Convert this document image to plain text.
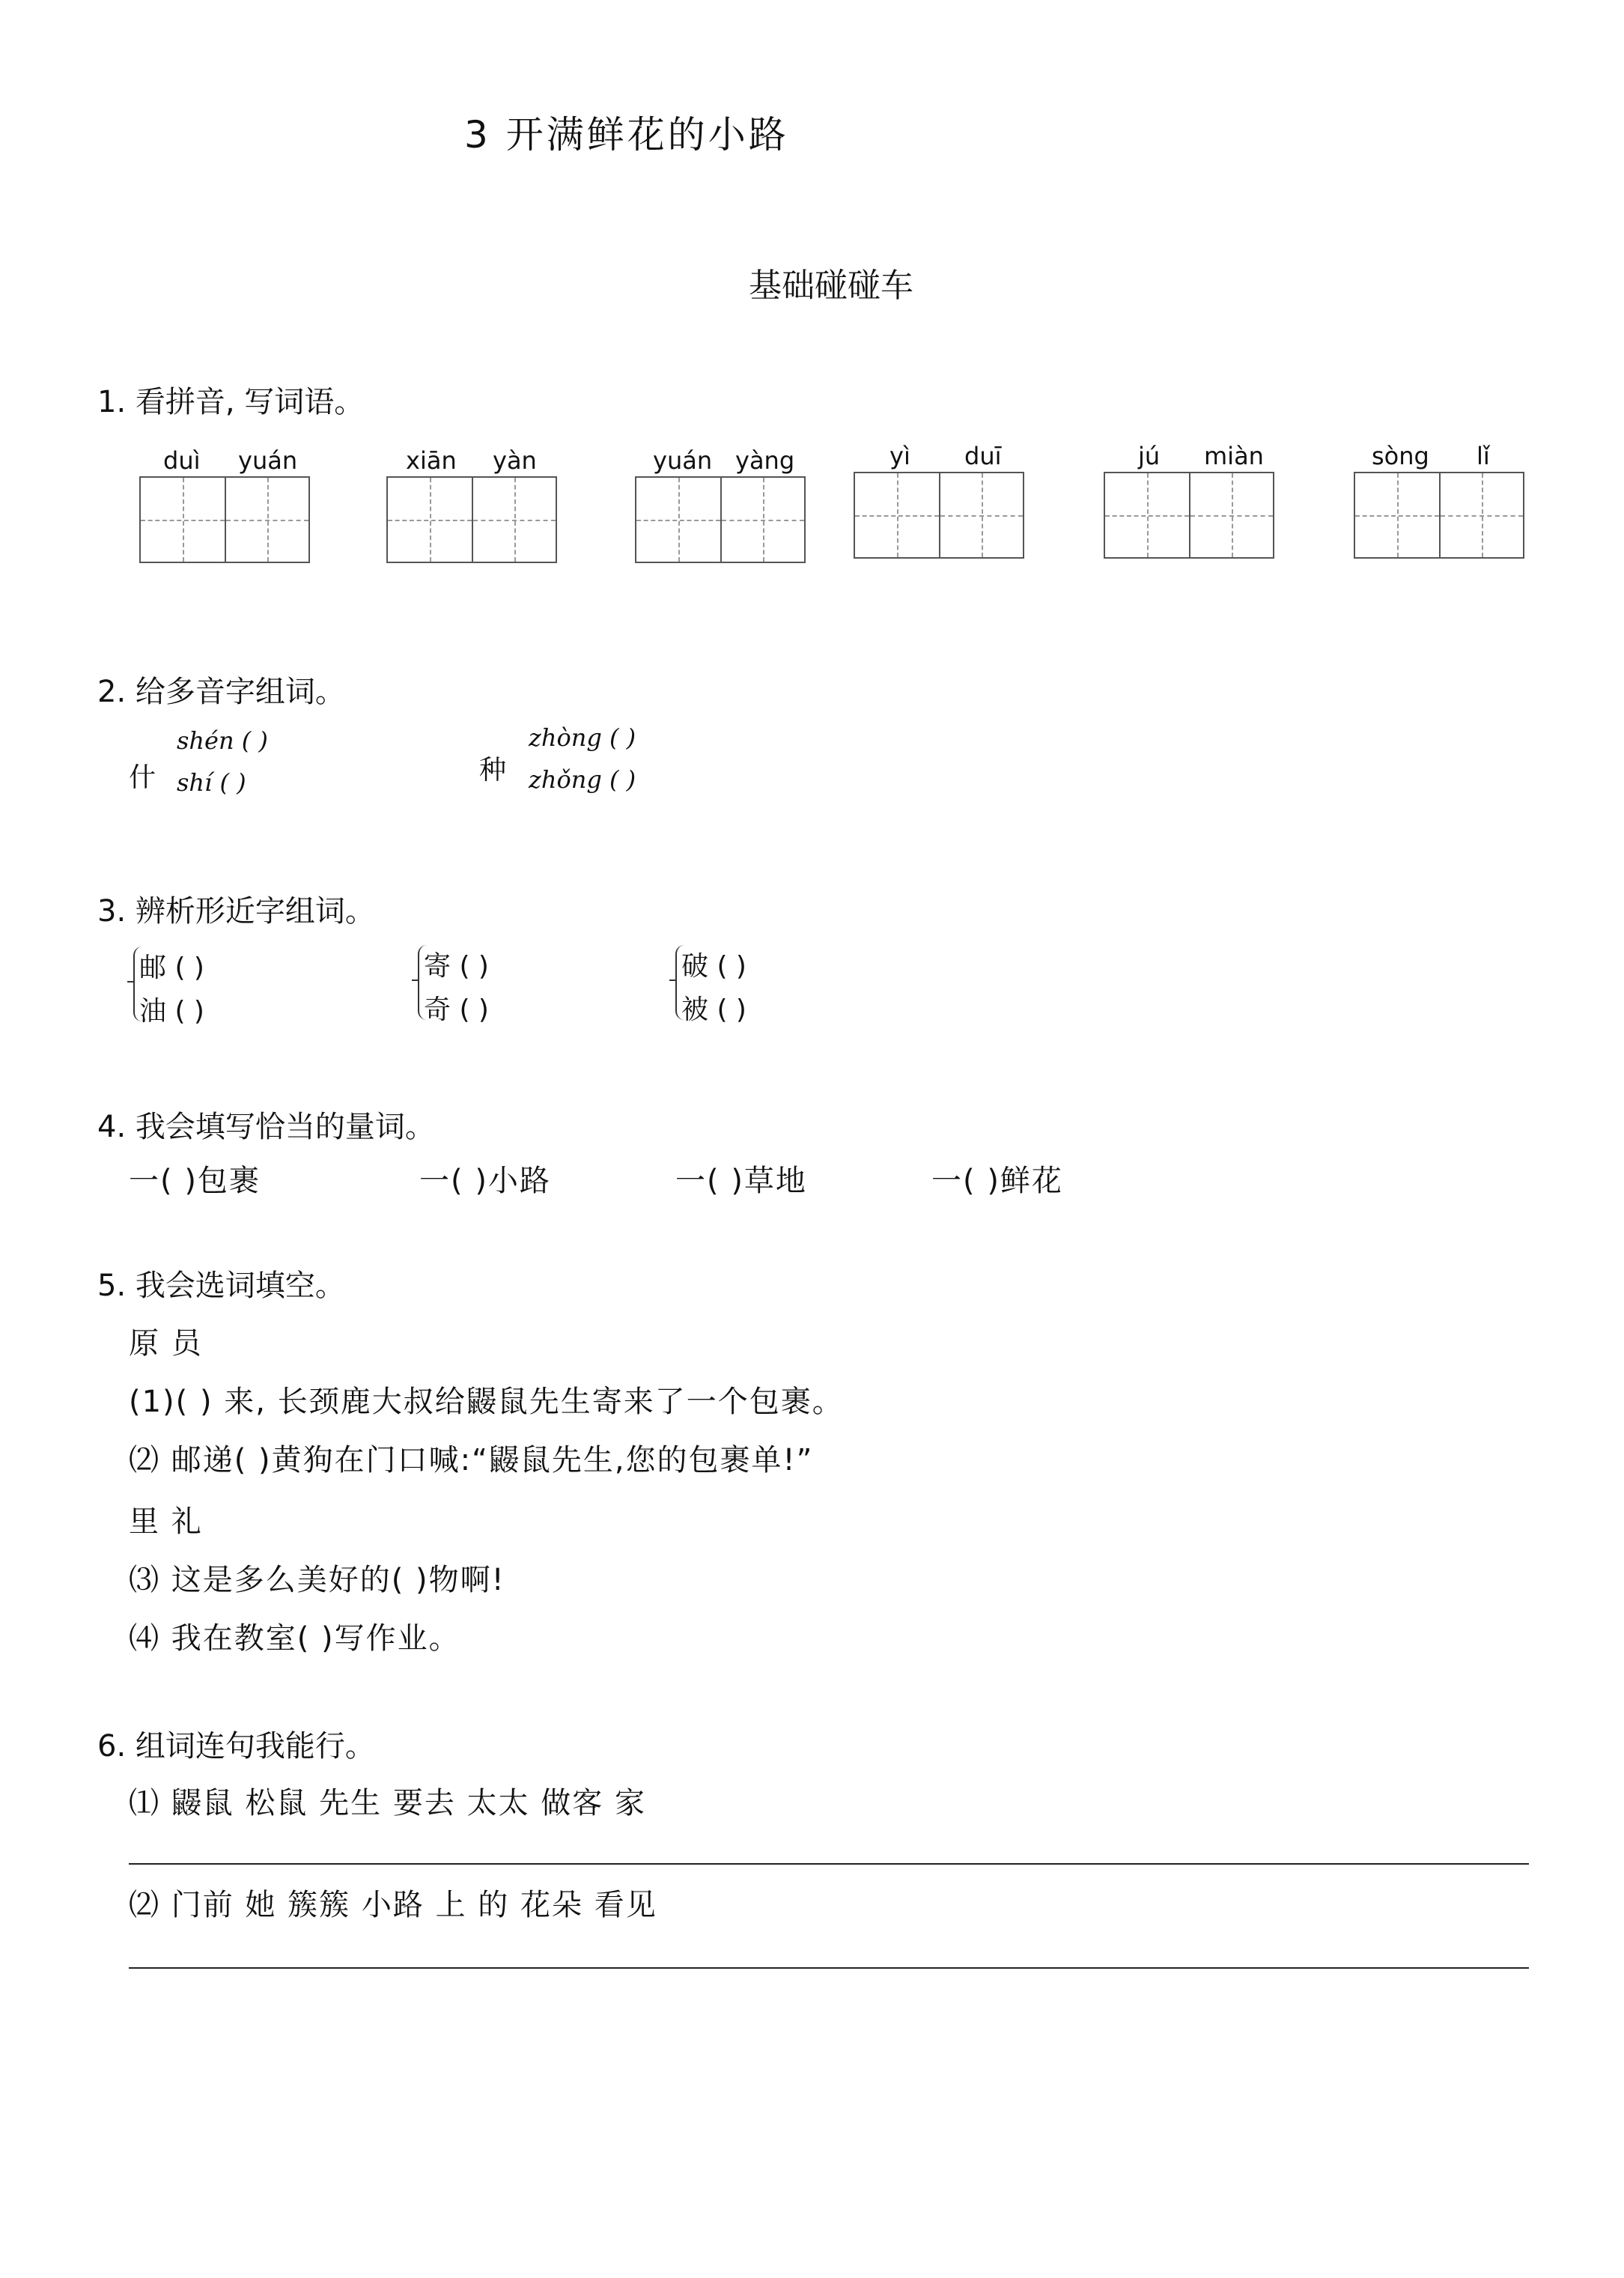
3 开满鲜花的小路
基础碰碰车
1. 看拼音, 写词语。
duì yuán	xiān yàn	yuán yàng	yì duī	jú miàn	sòng lǐ
2. 给多音字组词。
什
shén ( )
shí ( )	种
zhòng ( )
zhǒng ( )
3. 辨析形近字组词。
邮 ( )
油 ( )
寄 ( )
奇 ( )
破 ( )
被 ( )
4. 我会填写恰当的量词。
一( )包裹	一( )小路	一( )草地	一( )鲜花
5. 我会选词填空。
原 员
(1)( ) 来, 长颈鹿大叔给鼹鼠先生寄来了一个包裹。
⑵ 邮递( )黄狗在门口喊:“鼹鼠先生,您的包裹单!”
里 礼
⑶ 这是多么美好的( )物啊!
⑷ 我在教室( )写作业。
6. 组词连句我能行。
⑴ 鼹鼠 松鼠 先生 要去 太太 做客 家
⑵ 门前 她 簇簇 小路 上 的 花朵 看见
